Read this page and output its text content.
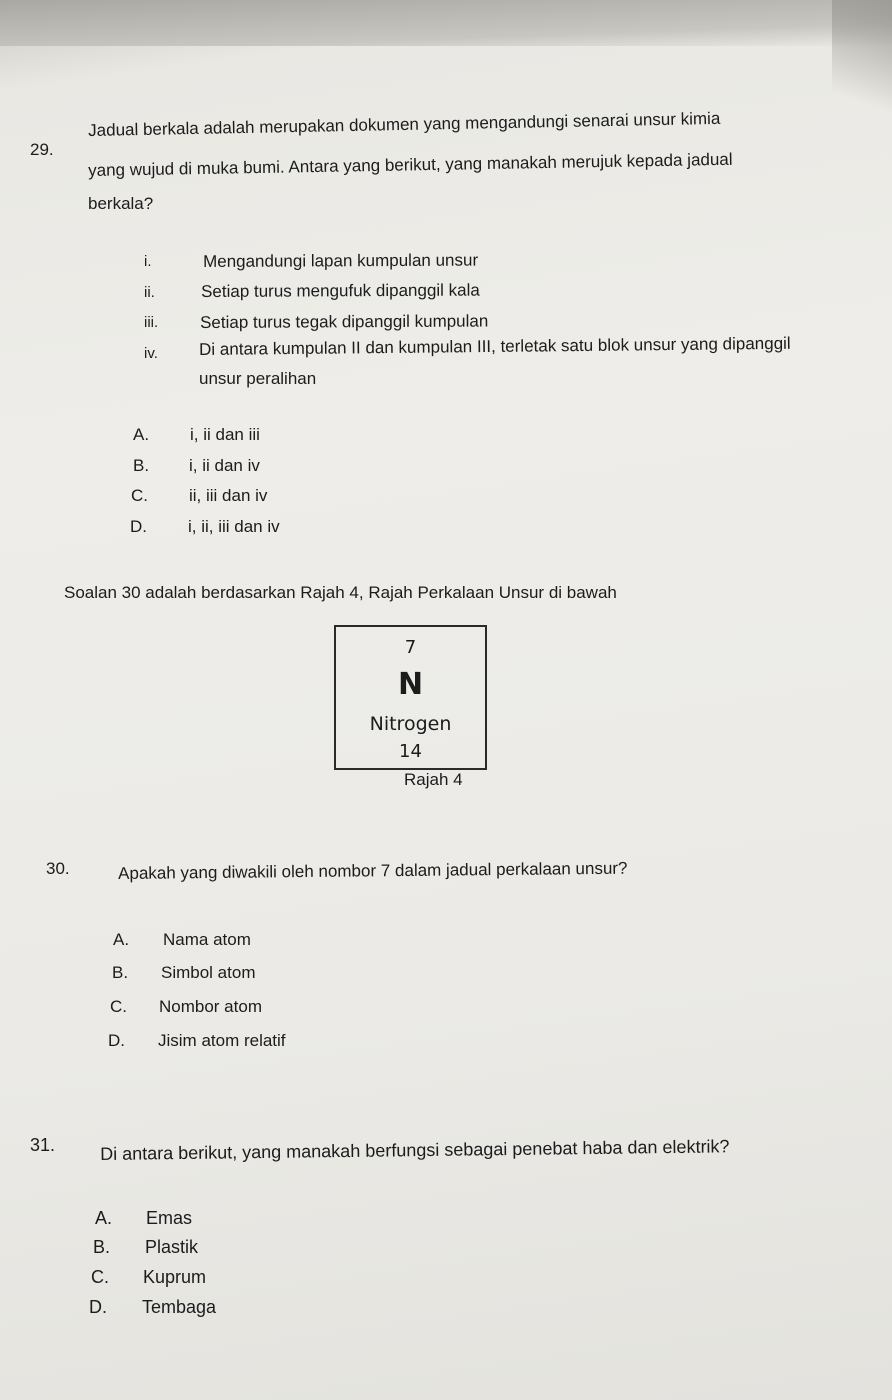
29.
Jadual berkala adalah merupakan dokumen yang mengandungi senarai unsur kimia
yang wujud di muka bumi. Antara yang berikut, yang manakah merujuk kepada jadual
berkala?
i.	Mengandungi lapan kumpulan unsur
ii.	Setiap turus mengufuk dipanggil kala
iii. Setiap turus tegak dipanggil kumpulan
iv. Di antara kumpulan II dan kumpulan III, terletak satu blok unsur yang dipanggil
unsur peralihan
A. i, ii dan iii
B. i, ii dan iv
C. ii, iii dan iv
D. i, ii, iii dan iv
Soalan 30 adalah berdasarkan Rajah 4, Rajah Perkalaan Unsur di bawah
7
N
Nitrogen
14
Rajah 4
30.	Apakah yang diwakili oleh nombor 7 dalam jadual perkalaan unsur?
A. Nama atom
B. Simbol atom
C. Nombor atom
D. Jisim atom relatif
31. Di antara berikut, yang manakah berfungsi sebagai penebat haba dan elektrik?
A. Emas
B. Plastik
C. Kuprum
D. Tembaga
